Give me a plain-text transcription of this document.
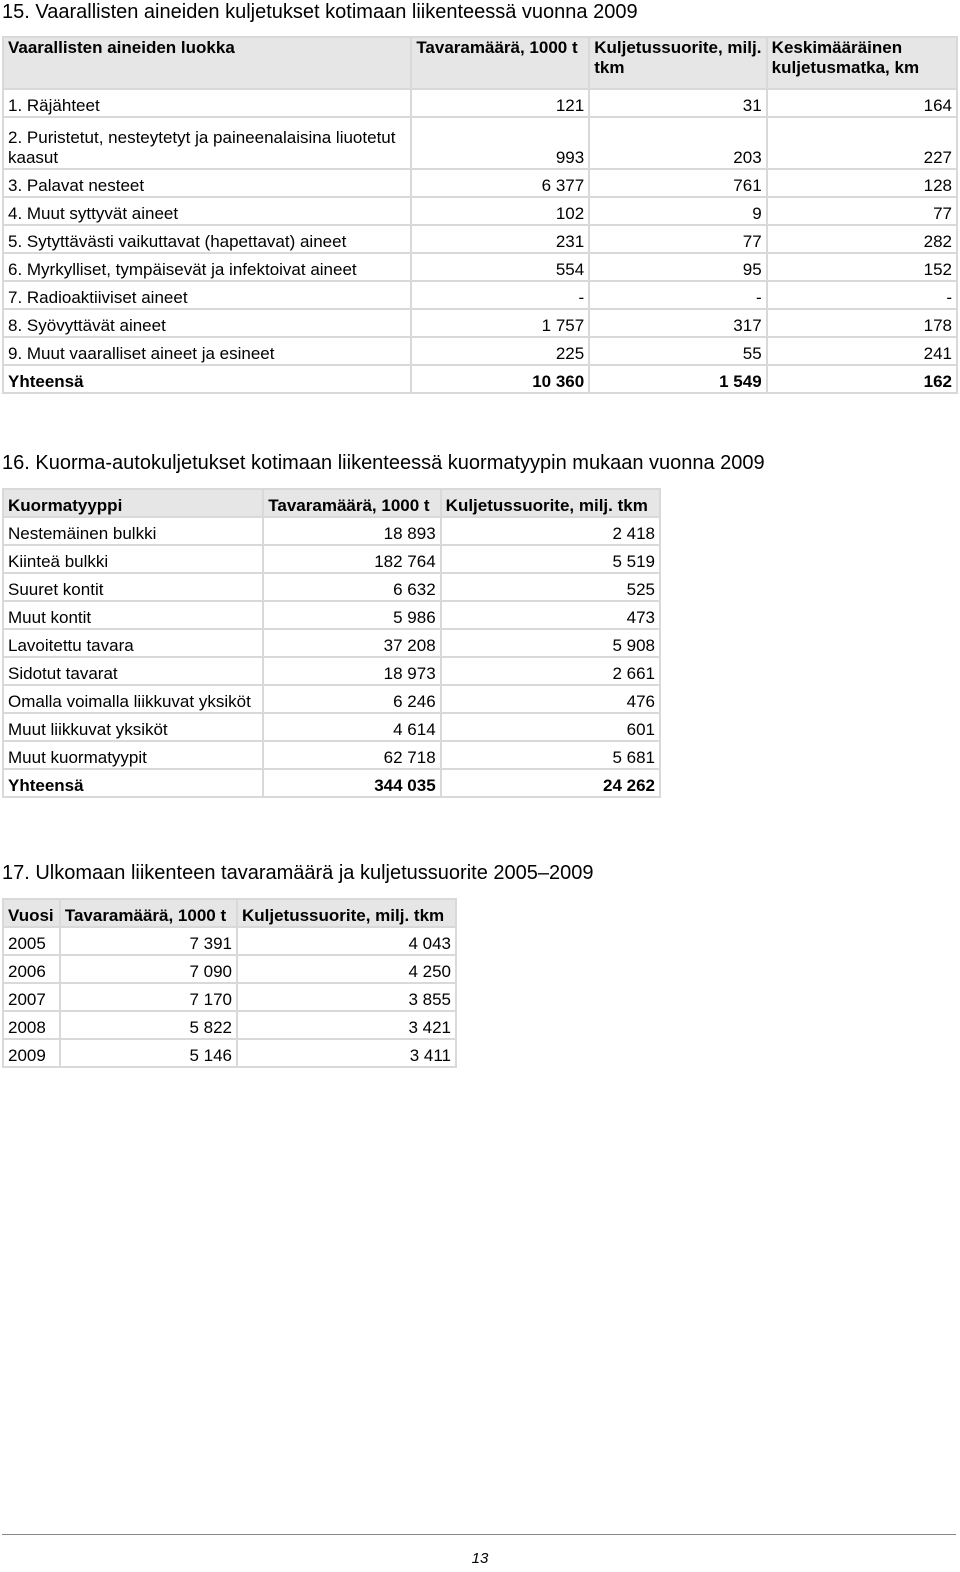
15. Vaarallisten aineiden kuljetukset kotimaan liikenteessä vuonna 2009
Vaarallisten aineiden luokka	Tavaramäärä, 1000 t	Kuljetussuorite, milj. tkm	Keskimääräinen kuljetusmatka, km
1. Räjähteet	121	31	164
2. Puristetut, nesteytetyt ja paineenalaisina liuotetut kaasut	993	203	227
3. Palavat nesteet	6 377	761	128
4. Muut syttyvät aineet	102	9	77
5. Sytyttävästi vaikuttavat (hapettavat) aineet	231	77	282
6. Myrkylliset, tympäisevät ja infektoivat aineet	554	95	152
7. Radioaktiiviset aineet	-	-	-
8. Syövyttävät aineet	1 757	317	178
9. Muut vaaralliset aineet ja esineet	225	55	241
Yhteensä	10 360	1 549	162
16. Kuorma-autokuljetukset kotimaan liikenteessä kuormatyypin mukaan vuonna 2009
Kuormatyyppi	Tavaramäärä, 1000 t	Kuljetussuorite, milj. tkm
Nestemäinen bulkki	18 893	2 418
Kiinteä bulkki	182 764	5 519
Suuret kontit	6 632	525
Muut kontit	5 986	473
Lavoitettu tavara	37 208	5 908
Sidotut tavarat	18 973	2 661
Omalla voimalla liikkuvat yksiköt	6 246	476
Muut liikkuvat yksiköt	4 614	601
Muut kuormatyypit	62 718	5 681
Yhteensä	344 035	24 262
17. Ulkomaan liikenteen tavaramäärä ja kuljetussuorite 2005–2009
Vuosi	Tavaramäärä, 1000 t	Kuljetussuorite, milj. tkm
2005	7 391	4 043
2006	7 090	4 250
2007	7 170	3 855
2008	5 822	3 421
2009	5 146	3 411
13
